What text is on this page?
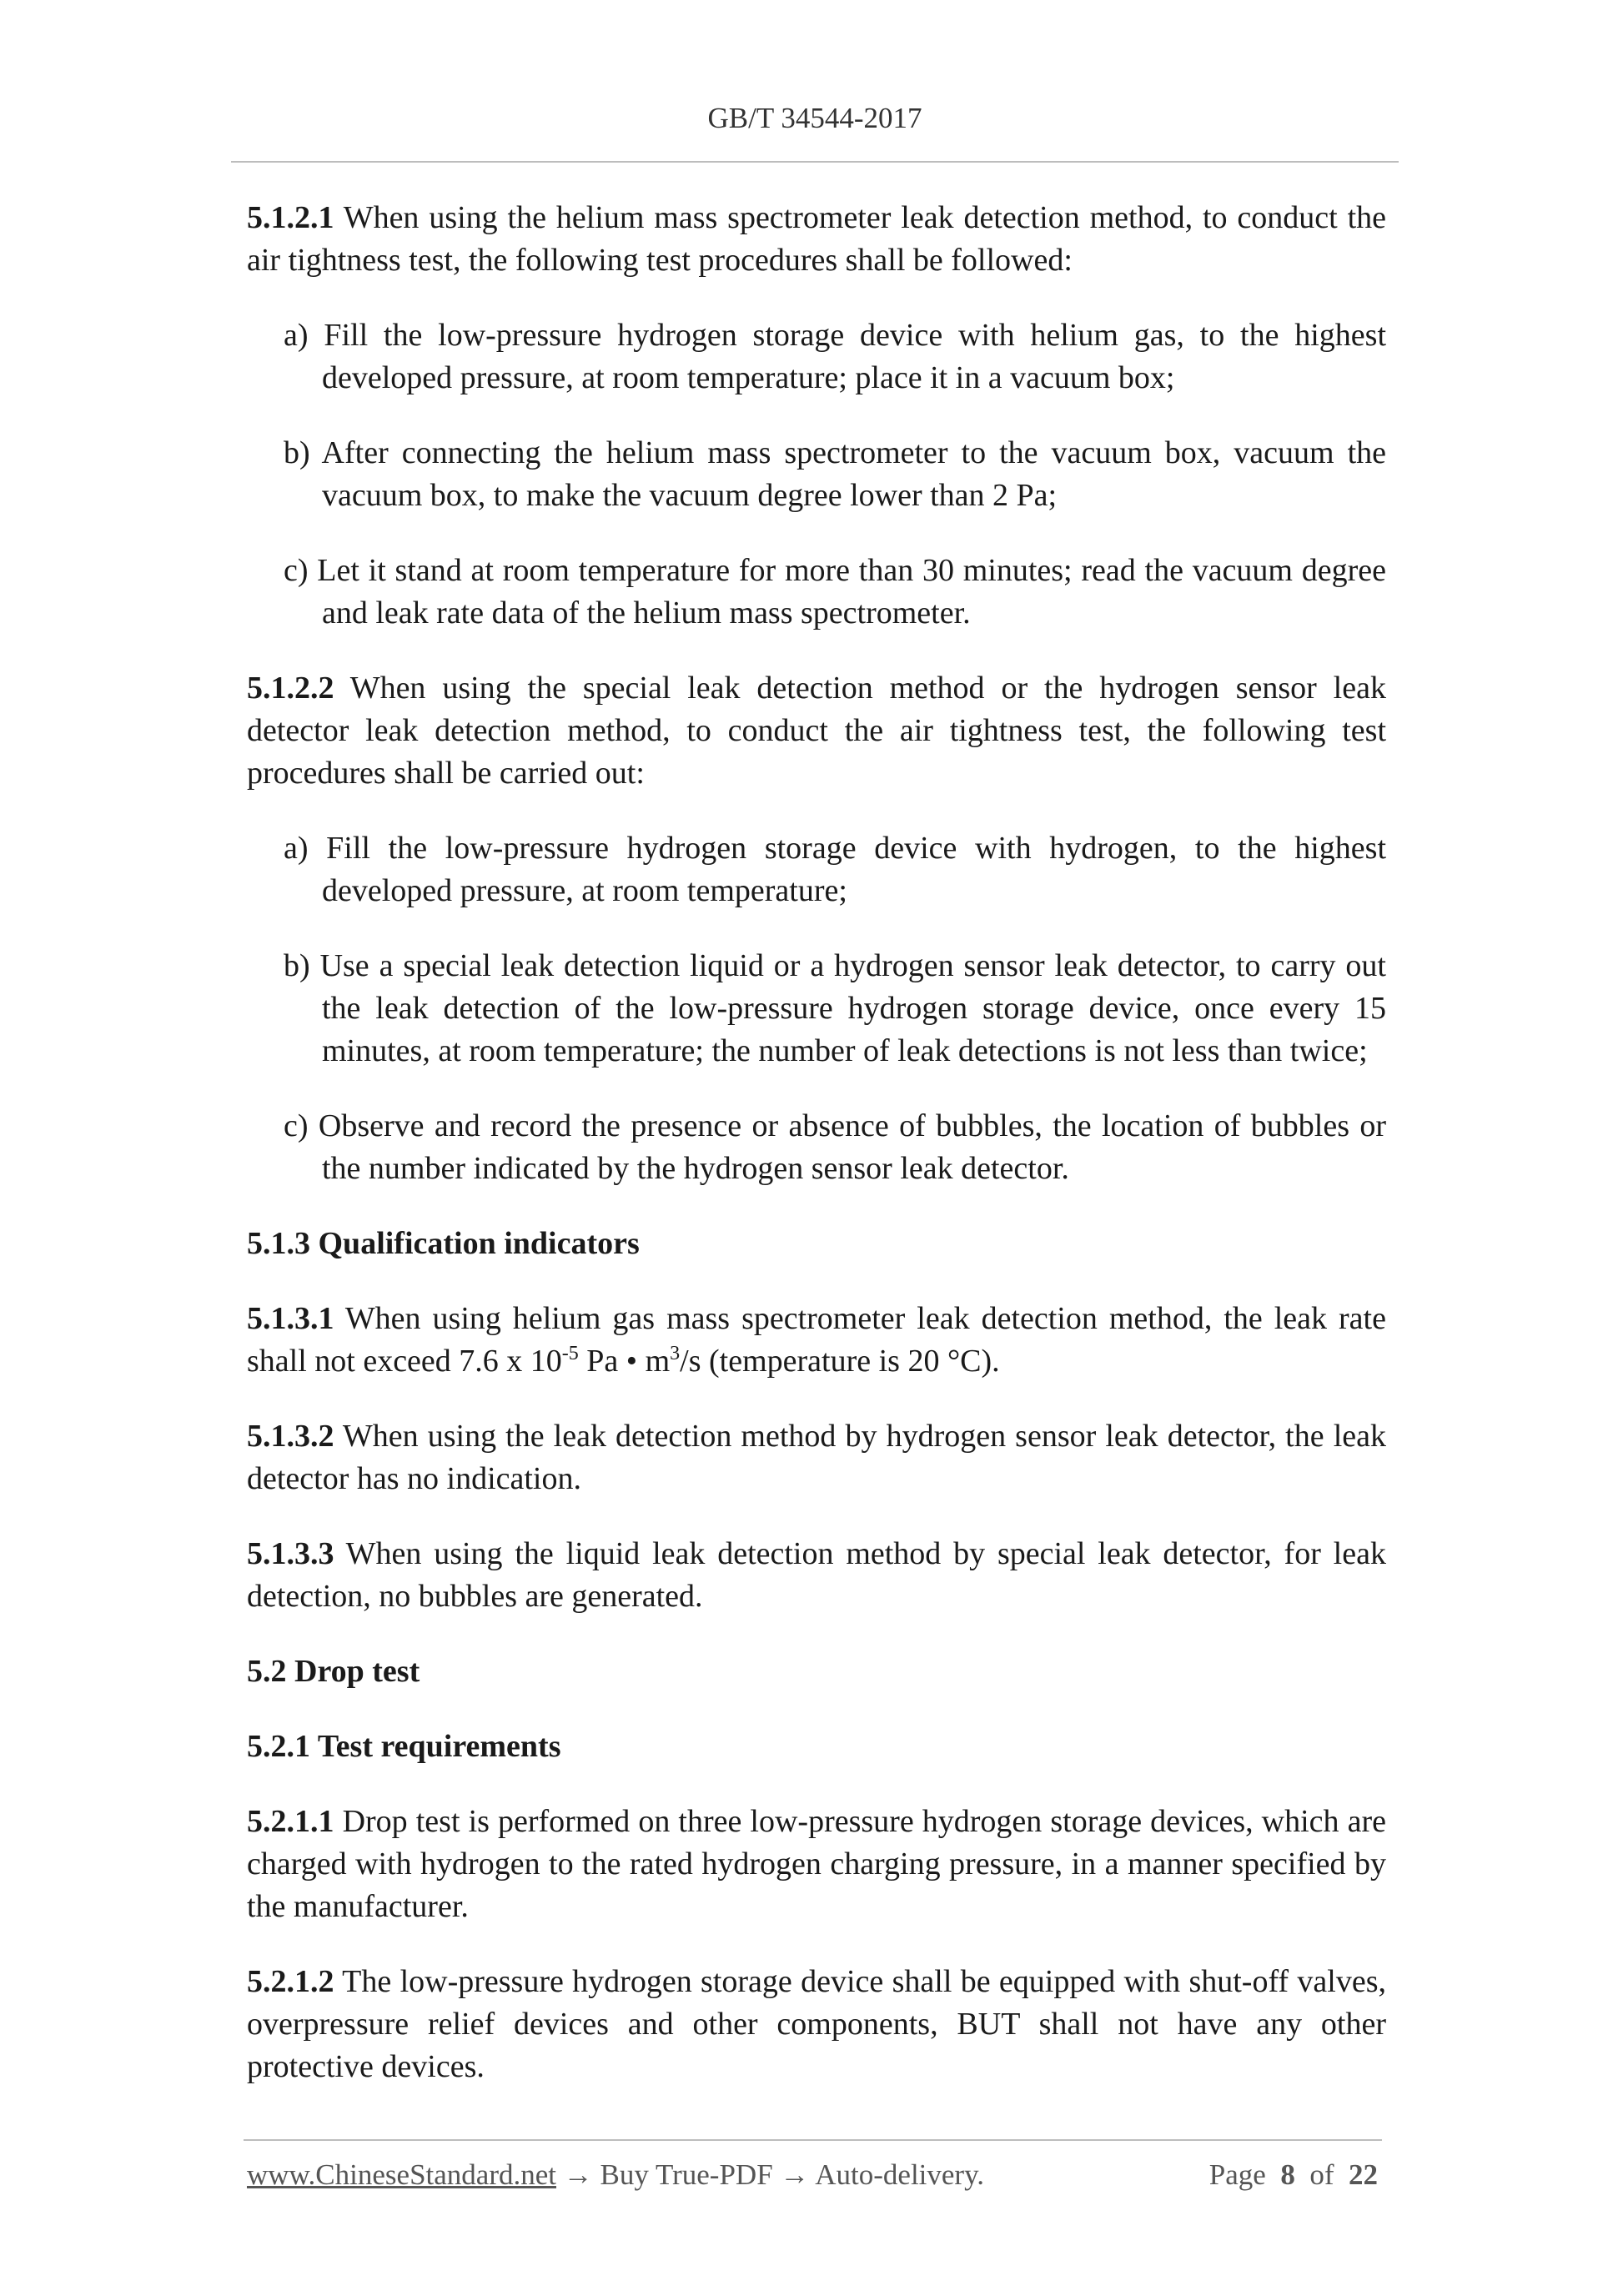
GB/T 34544-2017

5.1.2.1 When using the helium mass spectrometer leak detection method, to conduct the air tightness test, the following test procedures shall be followed:

a) Fill the low-pressure hydrogen storage device with helium gas, to the highest developed pressure, at room temperature; place it in a vacuum box;

b) After connecting the helium mass spectrometer to the vacuum box, vacuum the vacuum box, to make the vacuum degree lower than 2 Pa;

c) Let it stand at room temperature for more than 30 minutes; read the vacuum degree and leak rate data of the helium mass spectrometer.

5.1.2.2 When using the special leak detection method or the hydrogen sensor leak detector leak detection method, to conduct the air tightness test, the following test procedures shall be carried out:

a) Fill the low-pressure hydrogen storage device with hydrogen, to the highest developed pressure, at room temperature;

b) Use a special leak detection liquid or a hydrogen sensor leak detector, to carry out the leak detection of the low-pressure hydrogen storage device, once every 15 minutes, at room temperature; the number of leak detections is not less than twice;

c) Observe and record the presence or absence of bubbles, the location of bubbles or the number indicated by the hydrogen sensor leak detector.

5.1.3 Qualification indicators

5.1.3.1 When using helium gas mass spectrometer leak detection method, the leak rate shall not exceed 7.6 x $10^{-5}$ Pa • $m^3/s$ (temperature is 20 °C).

5.1.3.2 When using the leak detection method by hydrogen sensor leak detector, the leak detector has no indication.

5.1.3.3 When using the liquid leak detection method by special leak detector, for leak detection, no bubbles are generated.

5.2 Drop test

5.2.1 Test requirements

5.2.1.1 Drop test is performed on three low-pressure hydrogen storage devices, which are charged with hydrogen to the rated hydrogen charging pressure, in a manner specified by the manufacturer.

5.2.1.2 The low-pressure hydrogen storage device shall be equipped with shut-off valves, overpressure relief devices and other components, BUT shall not have any other protective devices.

www.ChineseStandard.net → Buy True-PDF → Auto-delivery.	Page 8 of 22
